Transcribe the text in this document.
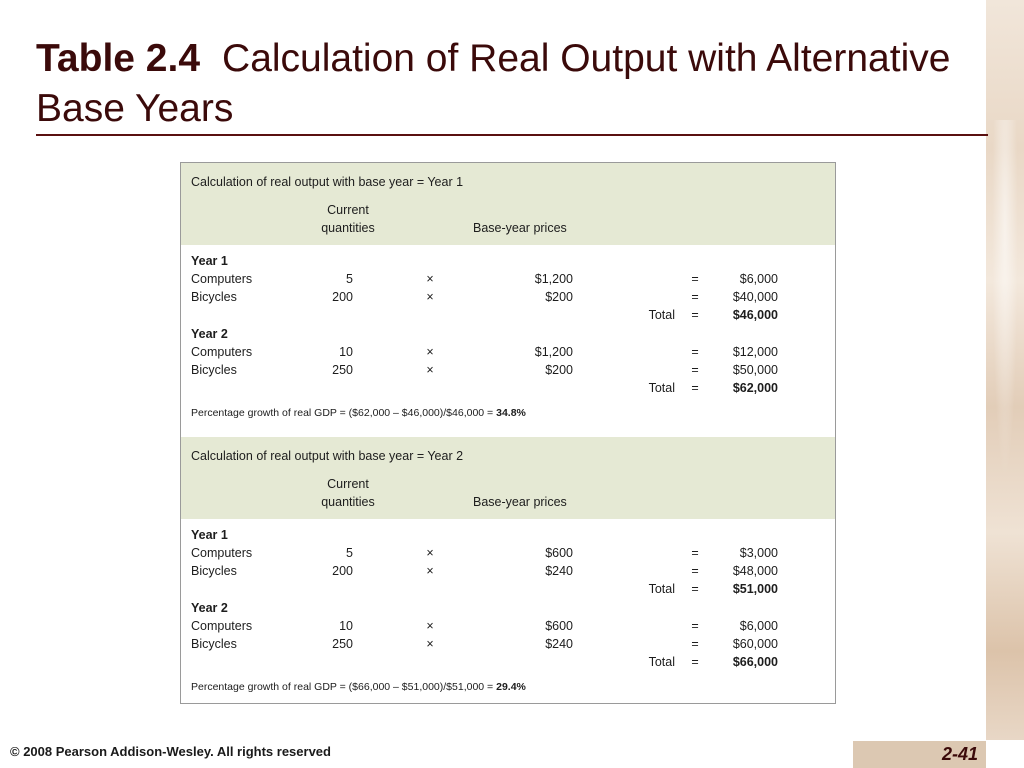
Table 2.4 Calculation of Real Output with Alternative Base Years
Calculation of real output with base year = Year 1
Current
quantities	Base-year prices
Year 1
Computers	5	×	$1,200	=	$6,000
Bicycles	200	×	$200	=	$40,000
Total =	$46,000
Year 2
Computers	10	×	$1,200	=	$12,000
Bicycles	250	×	$200	=	$50,000
Total =	$62,000
Percentage growth of real GDP = ($62,000 – $46,000)/$46,000 = 34.8%
Calculation of real output with base year = Year 2
Current
quantities	Base-year prices
Year 1
Computers	5	×	$600	=	$3,000
Bicycles	200	×	$240	=	$48,000
Total =	$51,000
Year 2
Computers	10	×	$600	=	$6,000
Bicycles	250	×	$240	=	$60,000
Total =	$66,000
Percentage growth of real GDP = ($66,000 – $51,000)/$51,000 = 29.4%
© 2008 Pearson Addison-Wesley. All rights reserved	2-41
